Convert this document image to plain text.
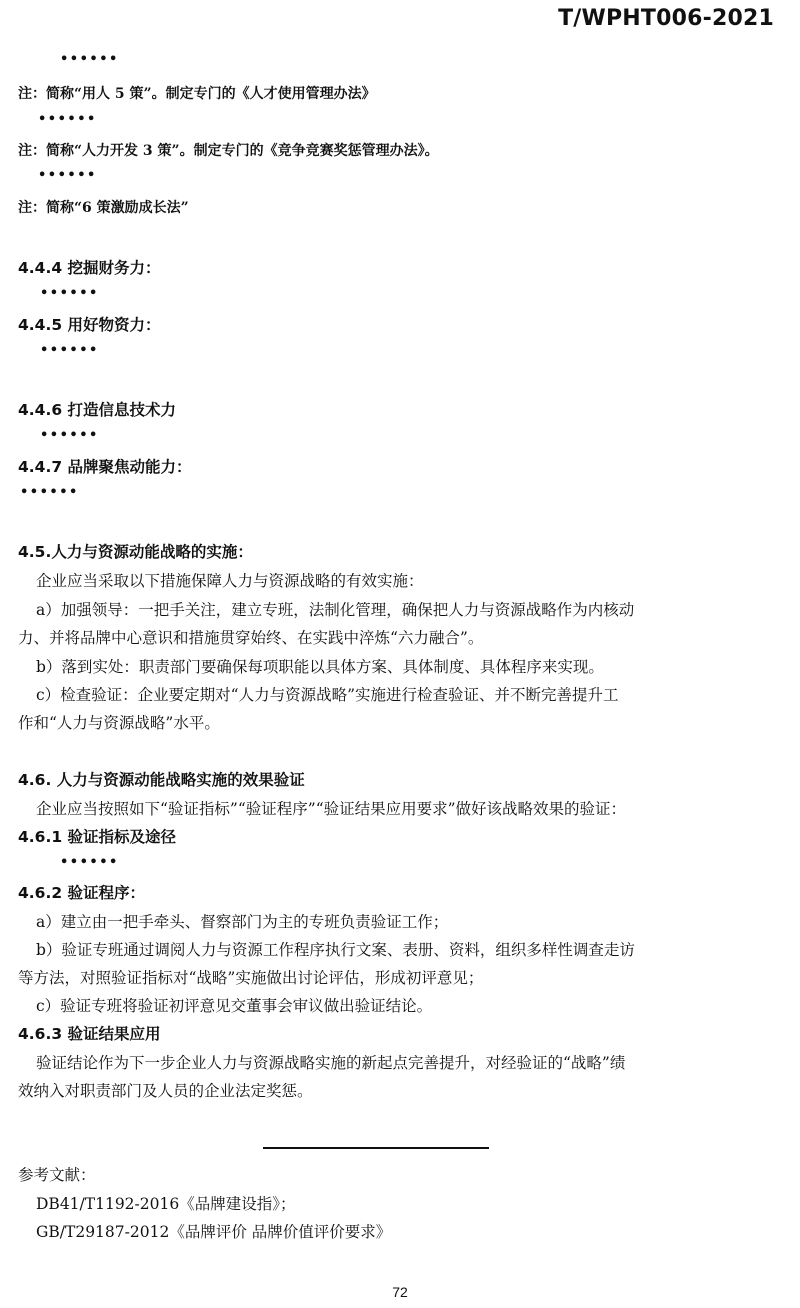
T/WPHT006-2021
••••••
注：简称“用人 5 策”。制定专门的《人才使用管理办法》
••••••
注：简称“人力开发 3 策”。制定专门的《竞争竞赛奖惩管理办法》。
••••••
注：简称“6 策激励成长法”
4.4.4 挖掘财务力：
••••••
4.4.5 用好物资力：
••••••
4.4.6 打造信息技术力
••••••
4.4.7 品牌聚焦动能力：
••••••
4.5.人力与资源动能战略的实施：
企业应当采取以下措施保障人力与资源战略的有效实施：
a）加强领导：一把手关注，建立专班，法制化管理，确保把人力与资源战略作为内核动
力、并将品牌中心意识和措施贯穿始终、在实践中淬炼“六力融合”。
b）落到实处：职责部门要确保每项职能以具体方案、具体制度、具体程序来实现。
c）检查验证：企业要定期对“人力与资源战略”实施进行检查验证、并不断完善提升工
作和“人力与资源战略”水平。
4.6. 人力与资源动能战略实施的效果验证
企业应当按照如下“验证指标”“验证程序”“验证结果应用要求”做好该战略效果的验证：
4.6.1 验证指标及途径
••••••
4.6.2 验证程序：
a）建立由一把手牵头、督察部门为主的专班负责验证工作；
b）验证专班通过调阅人力与资源工作程序执行文案、表册、资料，组织多样性调查走访
等方法，对照验证指标对“战略”实施做出讨论评估，形成初评意见；
c）验证专班将验证初评意见交董事会审议做出验证结论。
4.6.3 验证结果应用
验证结论作为下一步企业人力与资源战略实施的新起点完善提升，对经验证的“战略”绩
效纳入对职责部门及人员的企业法定奖惩。
参考文献：
DB41/T1192-2016《品牌建设指》；
GB/T29187-2012《品牌评价 品牌价值评价要求》
72
